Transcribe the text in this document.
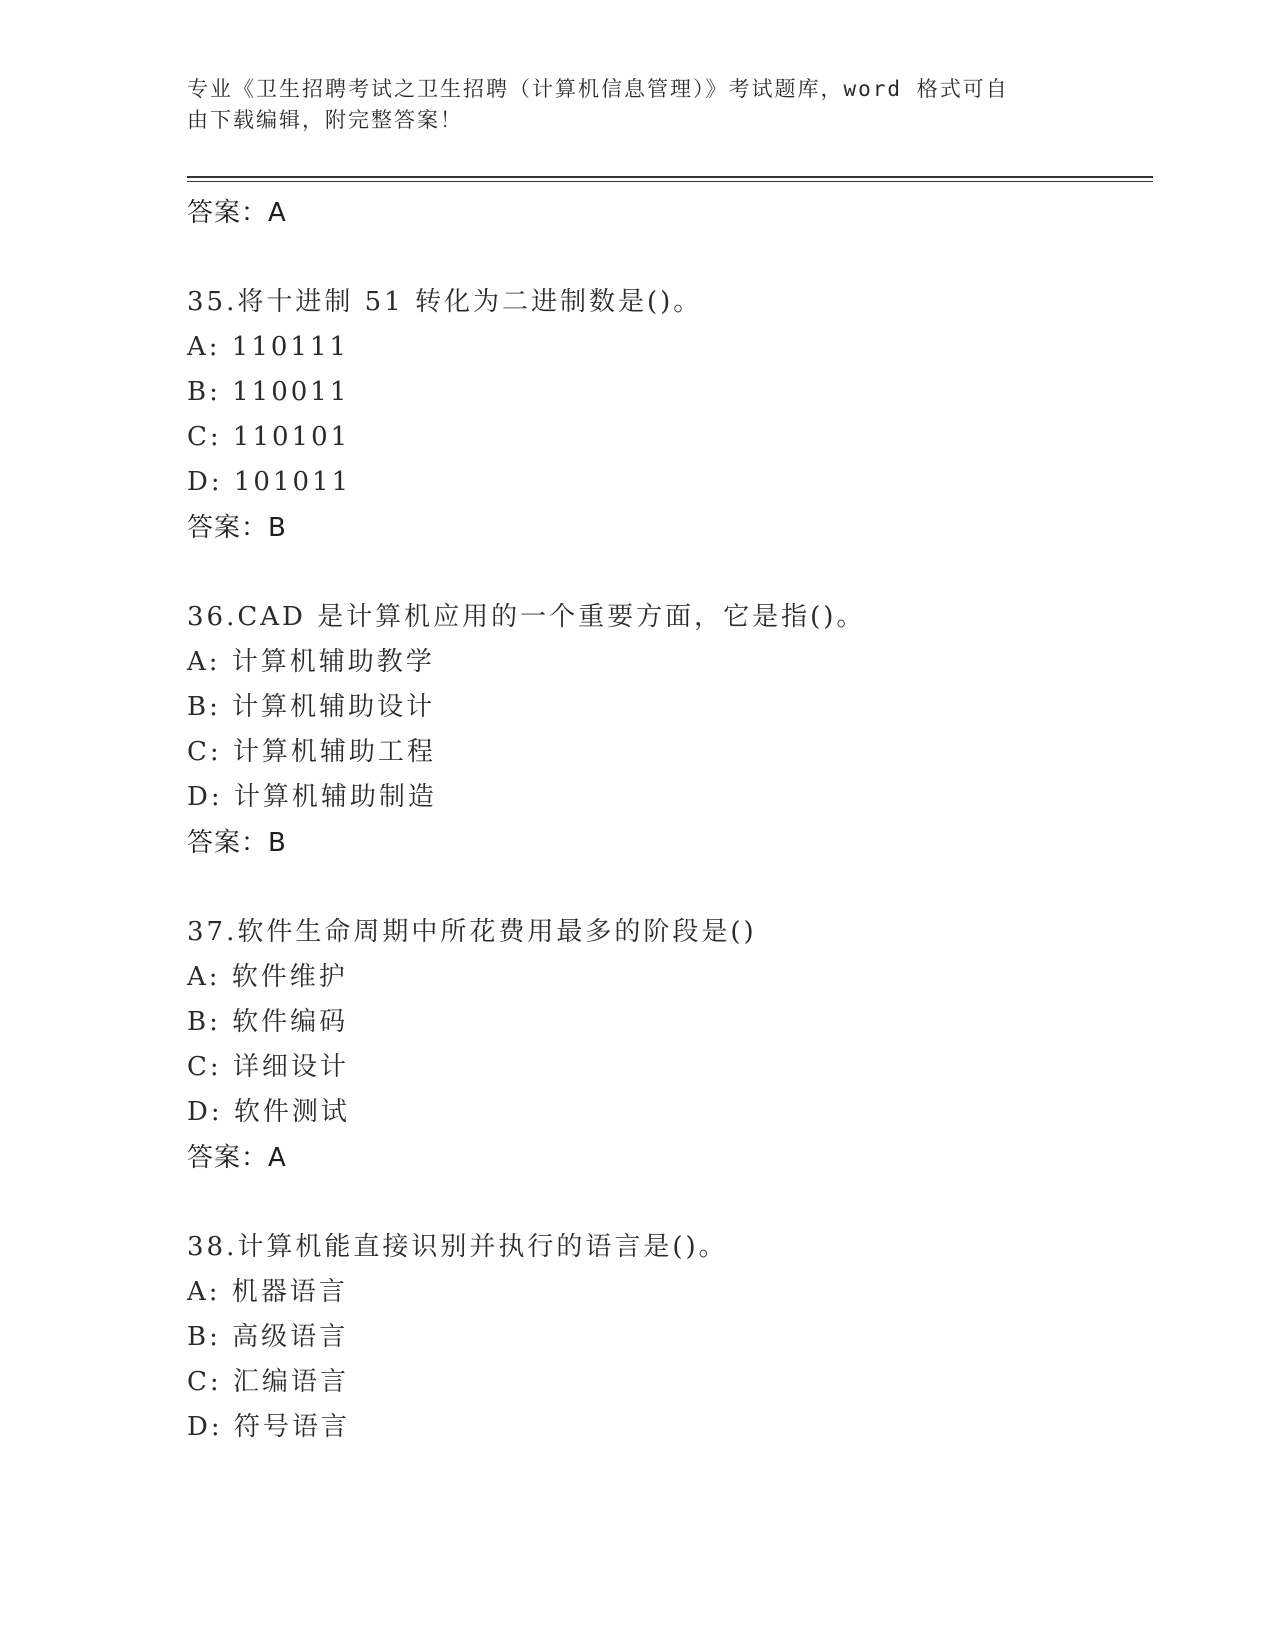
专业《卫生招聘考试之卫生招聘（计算机信息管理）》考试题库，word 格式可自
由下载编辑，附完整答案！
答案：A
35.将十进制 51 转化为二进制数是()。
A: 110111
B: 110011
C: 110101
D: 101011
答案：B
36.CAD 是计算机应用的一个重要方面，它是指()。
A: 计算机辅助教学
B: 计算机辅助设计
C: 计算机辅助工程
D: 计算机辅助制造
答案：B
37.软件生命周期中所花费用最多的阶段是()
A: 软件维护
B: 软件编码
C: 详细设计
D: 软件测试
答案：A
38.计算机能直接识别并执行的语言是()。
A: 机器语言
B: 高级语言
C: 汇编语言
D: 符号语言
